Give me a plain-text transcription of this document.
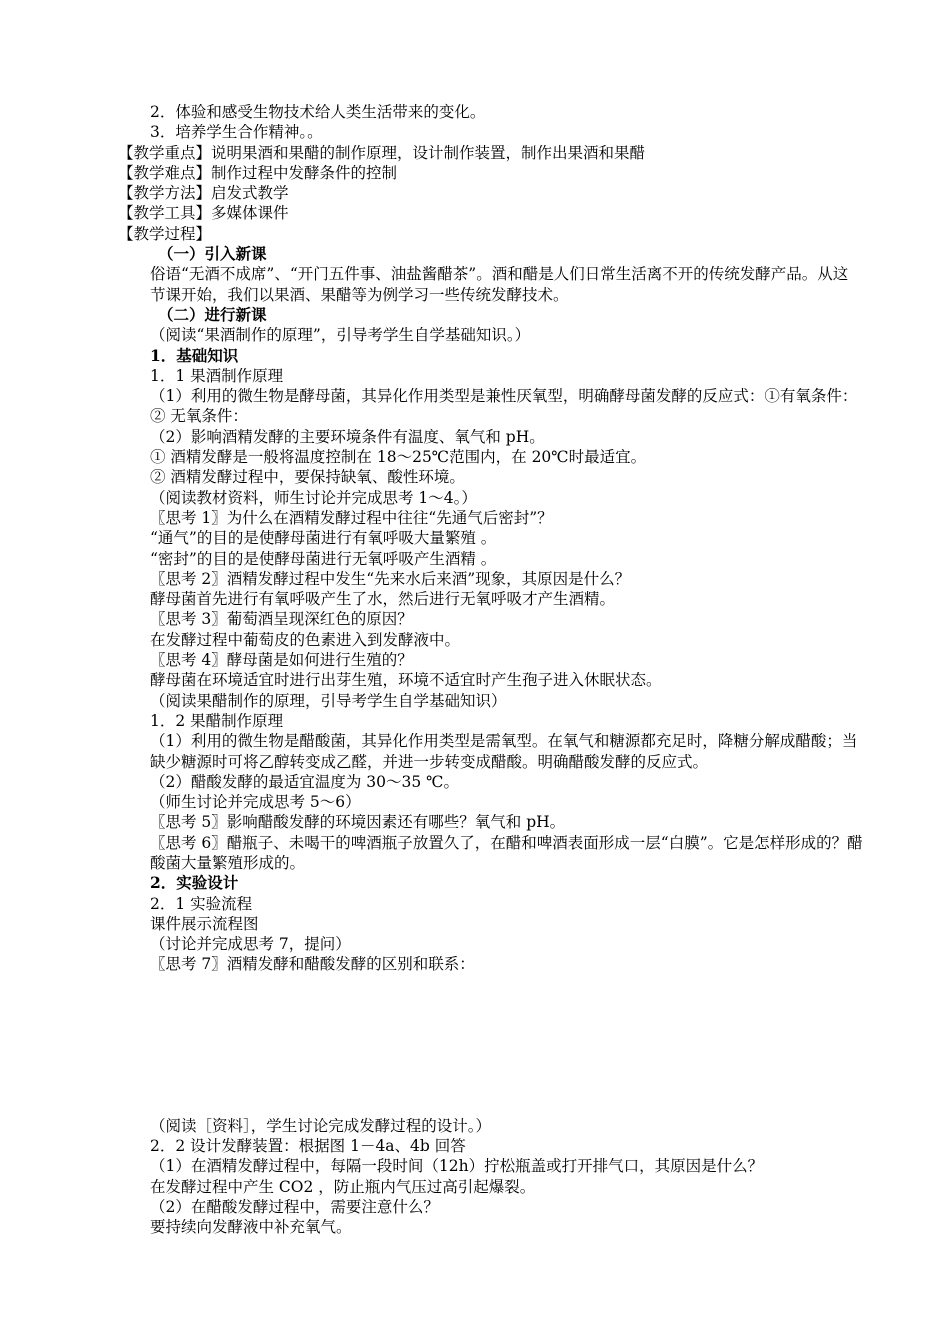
2．体验和感受生物技术给人类生活带来的变化。
3．培养学生合作精神。。
【教学重点】说明果酒和果醋的制作原理，设计制作装置，制作出果酒和果醋
【教学难点】制作过程中发酵条件的控制
【教学方法】启发式教学
【教学工具】多媒体课件
【教学过程】
（一）引入新课
俗语“无酒不成席”、“开门五件事、油盐酱醋茶”。酒和醋是人们日常生活离不开的传统发酵产品。从这节课开始，我们以果酒、果醋等为例学习一些传统发酵技术。
（二）进行新课
（阅读“果酒制作的原理”，引导考学生自学基础知识。）
1．基础知识
1．1 果酒制作原理
（1）利用的微生物是酵母菌，其异化作用类型是兼性厌氧型，明确酵母菌发酵的反应式：①有氧条件：
② 无氧条件：
（2）影响酒精发酵的主要环境条件有温度、氧气和 pH。
① 酒精发酵是一般将温度控制在 18～25℃范围内，在 20℃时最适宜。
② 酒精发酵过程中，要保持缺氧、酸性环境。
（阅读教材资料，师生讨论并完成思考 1～4。）
〖思考 1〗为什么在酒精发酵过程中往往“先通气后密封”？
“通气”的目的是使酵母菌进行有氧呼吸大量繁殖 。
“密封”的目的是使酵母菌进行无氧呼吸产生酒精 。
〖思考 2〗酒精发酵过程中发生“先来水后来酒”现象，其原因是什么？
酵母菌首先进行有氧呼吸产生了水，然后进行无氧呼吸才产生酒精。
〖思考 3〗葡萄酒呈现深红色的原因？
在发酵过程中葡萄皮的色素进入到发酵液中。
〖思考 4〗酵母菌是如何进行生殖的？
酵母菌在环境适宜时进行出芽生殖，环境不适宜时产生孢子进入休眠状态。
（阅读果醋制作的原理，引导考学生自学基础知识）
1．2 果醋制作原理
（1）利用的微生物是醋酸菌，其异化作用类型是需氧型。在氧气和糖源都充足时，降糖分解成醋酸；当缺少糖源时可将乙醇转变成乙醛，并进一步转变成醋酸。明确醋酸发酵的反应式。
（2）醋酸发酵的最适宜温度为 30～35 ℃。
（师生讨论并完成思考 5～6）
〖思考 5〗影响醋酸发酵的环境因素还有哪些？氧气和 pH。
〖思考 6〗醋瓶子、未喝干的啤酒瓶子放置久了，在醋和啤酒表面形成一层“白膜”。它是怎样形成的？醋酸菌大量繁殖形成的。
2．实验设计
2．1 实验流程
课件展示流程图
（讨论并完成思考 7，提问）
〖思考 7〗酒精发酵和醋酸发酵的区别和联系：
（阅读［资料］，学生讨论完成发酵过程的设计。）
2．2 设计发酵装置：根据图 1－4a、4b 回答
（1）在酒精发酵过程中，每隔一段时间（12h）拧松瓶盖或打开排气口，其原因是什么？
在发酵过程中产生 CO2 ，防止瓶内气压过高引起爆裂。
（2）在醋酸发酵过程中，需要注意什么？
要持续向发酵液中补充氧气。
